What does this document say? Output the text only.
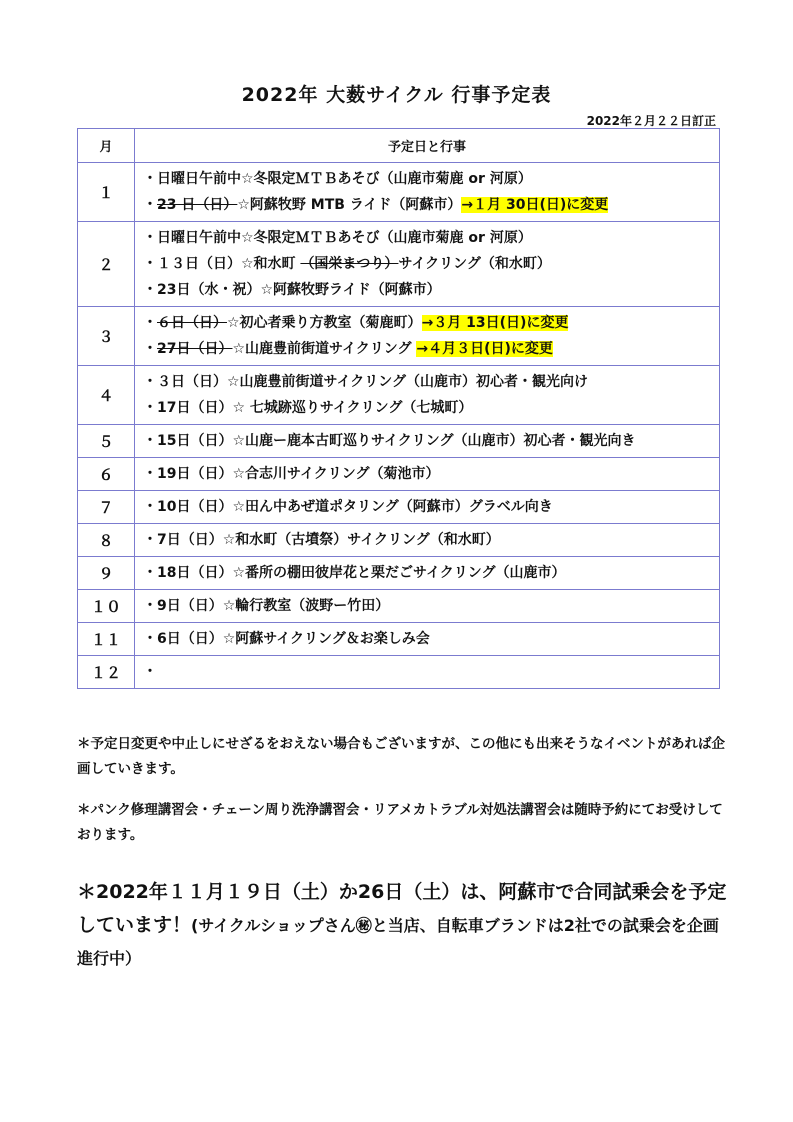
2022年 大薮サイクル 行事予定表
2022年２月２２日訂正
月	予定日と行事
１	・日曜日午前中☆冬限定ＭＴＢあそび（山鹿市菊鹿 or 河原）
・23 日（日）☆阿蘇牧野 MTB ライド（阿蘇市）→１月 30日(日)に変更

２	・日曜日午前中☆冬限定ＭＴＢあそび（山鹿市菊鹿 or 河原）
・１３日（日）☆和水町 （国栄まつり）サイクリング（和水町）
・23日（水・祝）☆阿蘇牧野ライド（阿蘇市）

３	・６日（日）☆初心者乗り方教室（菊鹿町）→３月 13日(日)に変更
・27日（日）☆山鹿豊前街道サイクリング →４月３日(日)に変更

４	・３日（日）☆山鹿豊前街道サイクリング（山鹿市）初心者・観光向け
・17日（日）☆ 七城跡巡りサイクリング（七城町）

５	・15日（日）☆山鹿ー鹿本古町巡りサイクリング（山鹿市）初心者・観光向き

６	・19日（日）☆合志川サイクリング（菊池市）

７	・10日（日）☆田ん中あぜ道ポタリング（阿蘇市）グラベル向き

８	・7日（日）☆和水町（古墳祭）サイクリング（和水町）

９	・18日（日）☆番所の棚田彼岸花と栗だごサイクリング（山鹿市）

１０	・9日（日）☆輪行教室（波野ー竹田）

１１	・6日（日）☆阿蘇サイクリング＆お楽しみ会

１２	・
＊予定日変更や中止しにせざるをおえない場合もございますが、この他にも出来そうなイベントがあれば企画していきます。
＊パンク修理講習会・チェーン周り洗浄講習会・リアメカトラブル対処法講習会は随時予約にてお受けしております。
＊2022年１１月１９日（土）か26日（土）は、阿蘇市で合同試乗会を予定しています！(サイクルショップさん㊙と当店、自転車ブランドは2社での試乗会を企画進行中）
